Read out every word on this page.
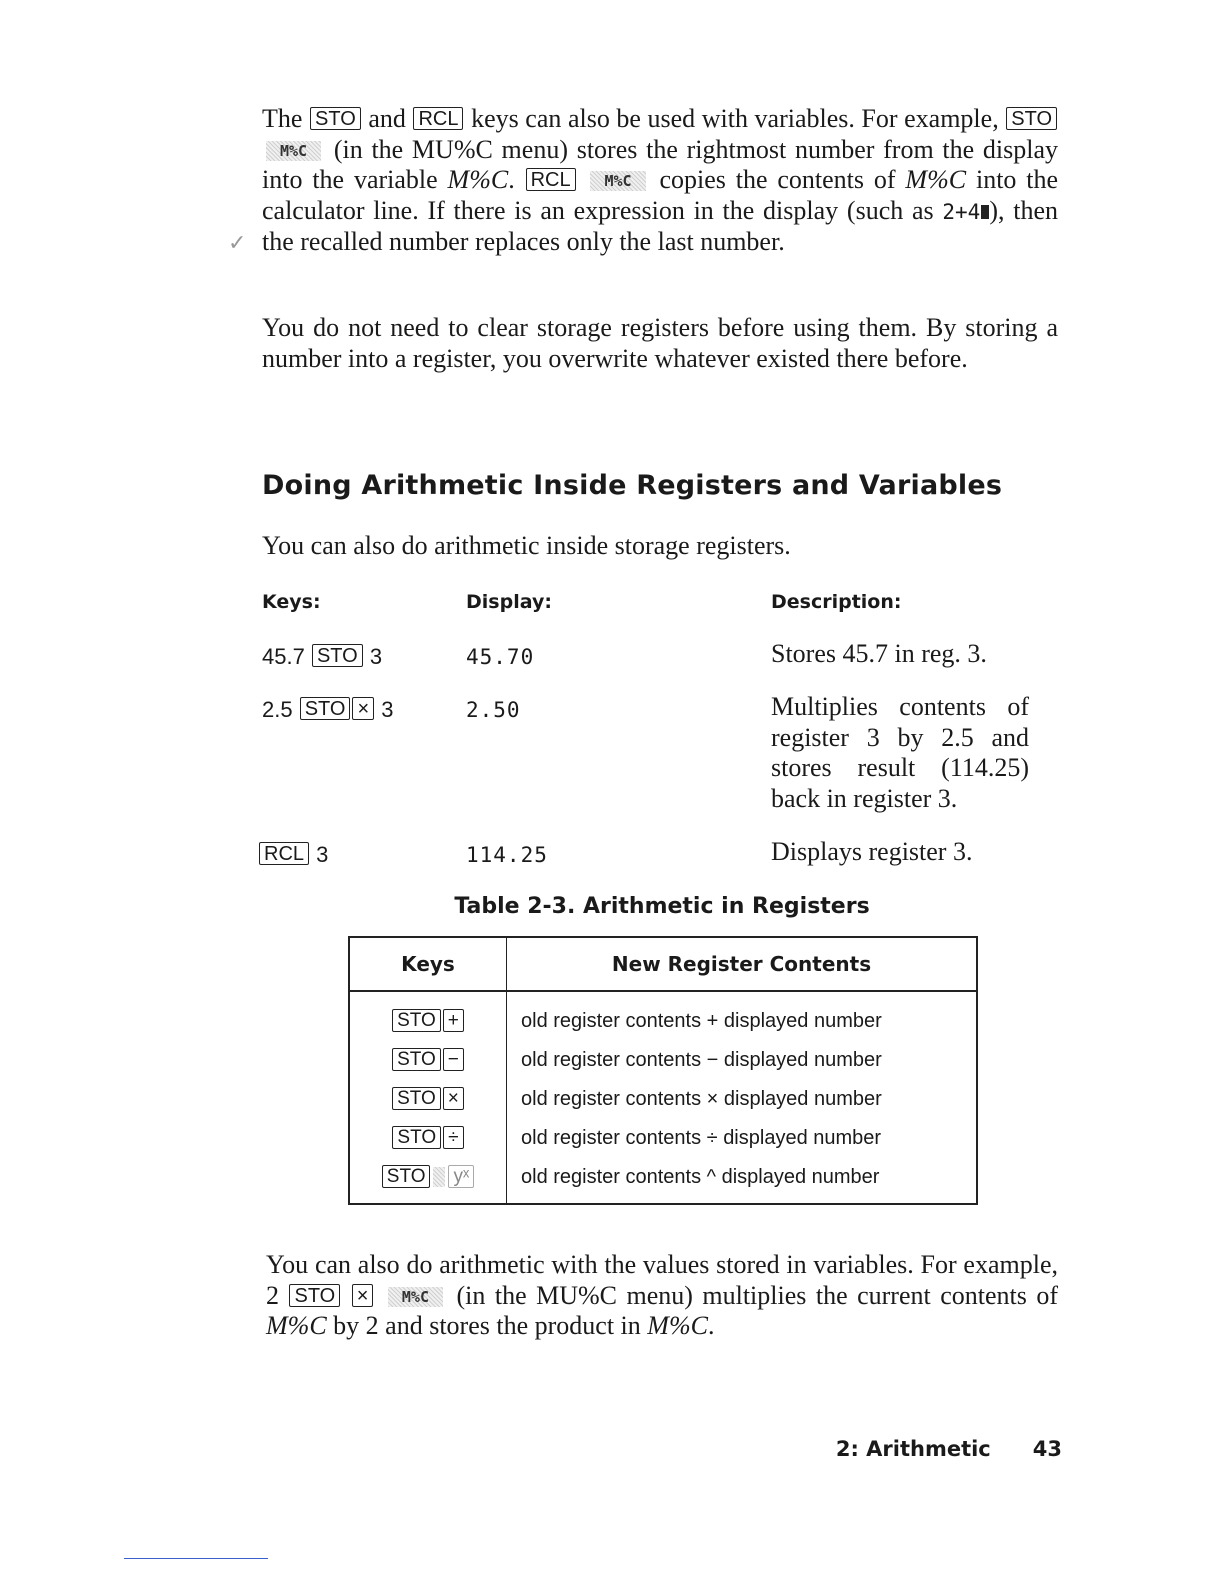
✓

The STO and RCL keys can also be used with variables. For example, STO M%C (in the MU%C menu) stores the rightmost number from the display into the variable M%C. RCL M%C copies the contents of M%C into the calculator line. If there is an expression in the display (such as 2+4 ), then the recalled number replaces only the last number.

You do not need to clear storage registers before using them. By storing a number into a register, you overwrite whatever existed there before.

Doing Arithmetic Inside Registers and Variables

You can also do arithmetic inside storage registers.

Keys:	Display:	Description:
45.7 STO 3	45.70	Stores 45.7 in reg. 3.
2.5 STO × 3	2.50	Multiplies contents of register 3 by 2.5 and stores result (114.25) back in register 3.
RCL 3	114.25	Displays register 3.
Table 2-3. Arithmetic in Registers
Keys	New Register Contents
STO +	old register contents + displayed number
STO −	old register contents − displayed number
STO ×	old register contents × displayed number
STO ÷	old register contents ÷ displayed number
STO yˣ	old register contents ^ displayed number

You can also do arithmetic with the values stored in variables. For example, 2 STO × M%C (in the MU%C menu) multiplies the current contents of M%C by 2 and stores the product in M%C.

2: Arithmetic 43
